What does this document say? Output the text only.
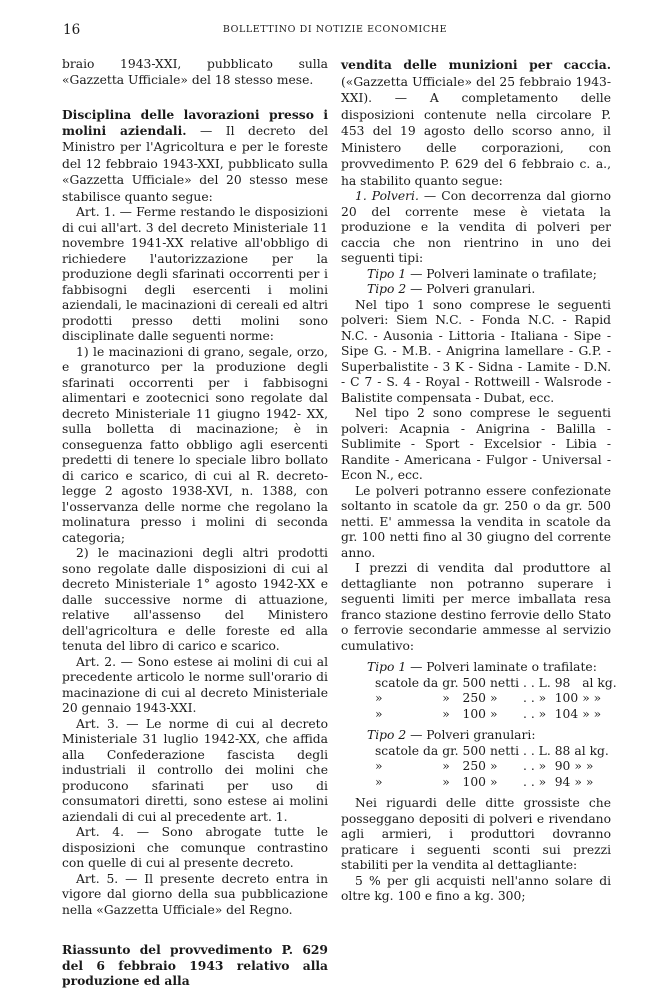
16	BOLLETTINO DI NOTIZIE ECONOMICHE

braio 1943-XXI, pubblicato sulla «Gazzetta Ufficiale» del 18 stesso mese.

Disciplina delle lavorazioni presso i molini aziendali. — Il decreto del Ministro per l'Agricoltura e per le foreste del 12 febbraio 1943-XXI, pubblicato sulla «Gazzetta Ufficiale» del 20 stesso mese stabilisce quanto segue:

Art. 1. — Ferme restando le disposizioni di cui all'art. 3 del decreto Ministeriale 11 novembre 1941-XX relative all'obbligo di richiedere l'autorizzazione per la produzione degli sfarinati occorrenti per i fabbisogni degli esercenti i molini aziendali, le macinazioni di cereali ed altri prodotti presso detti molini sono disciplinate dalle seguenti norme:

1) le macinazioni di grano, segale, orzo, e granoturco per la produzione degli sfarinati occorrenti per i fabbisogni alimentari e zootecnici sono regolate dal decreto Ministeriale 11 giugno 1942- XX, sulla bolletta di macinazione; è in conseguenza fatto obbligo agli esercenti predetti di tenere lo speciale libro bollato di carico e scarico, di cui al R. decreto-legge 2 agosto 1938-XVI, n. 1388, con l'osservanza delle norme che regolano la molinatura presso i molini di seconda categoria;

2) le macinazioni degli altri prodotti sono regolate dalle disposizioni di cui al decreto Ministeriale 1° agosto 1942-XX e dalle successive norme di attuazione, relative all'assenso del Ministero dell'agricoltura e delle foreste ed alla tenuta del libro di carico e scarico.

Art. 2. — Sono estese ai molini di cui al precedente articolo le norme sull'orario di macinazione di cui al decreto Ministeriale 20 gennaio 1943-XXI.

Art. 3. — Le norme di cui al decreto Ministeriale 31 luglio 1942-XX, che affida alla Confederazione fascista degli industriali il controllo dei molini che producono sfarinati per uso di consumatori diretti, sono estese ai molini aziendali di cui al precedente art. 1.

Art. 4. — Sono abrogate tutte le disposizioni che comunque contrastino con quelle di cui al presente decreto.

Art. 5. — Il presente decreto entra in vigore dal giorno della sua pubblicazione nella «Gazzetta Ufficiale» del Regno.

Riassunto del provvedimento P. 629 del 6 febbraio 1943 relativo alla produzione ed alla

vendita delle munizioni per caccia. («Gazzetta Ufficiale» del 25 febbraio 1943-XXI). — A completamento delle disposizioni contenute nella circolare P. 453 del 19 agosto dello scorso anno, il Ministero delle corporazioni, con provvedimento P. 629 del 6 febbraio c. a., ha stabilito quanto segue:

1. Polveri. — Con decorrenza dal giorno 20 del corrente mese è vietata la produzione e la vendita di polveri per caccia che non rientrino in uno dei seguenti tipi:

Tipo 1 — Polveri laminate o trafilate;

Tipo 2 — Polveri granulari.

Nel tipo 1 sono comprese le seguenti polveri: Siem N.C. - Fonda N.C. - Rapid N.C. - Ausonia - Littoria - Italiana - Sipe - Sipe G. - M.B. - Anigrina lamellare - G.P. - Superbalistite - 3 K - Sidna - Lamite - D.N. - C 7 - S. 4 - Royal - Rottweill - Walsrode - Balistite compensata - Dubat, ecc.

Nel tipo 2 sono comprese le seguenti polveri: Acapnia - Anigrina - Balilla - Sublimite - Sport - Excelsior - Libia - Randite - Americana - Fulgor - Universal - Econ N., ecc.

Le polveri potranno essere confezionate soltanto in scatole da gr. 250 o da gr. 500 netti. E' ammessa la vendita in scatole da gr. 100 netti fino al 30 giugno del corrente anno.

I prezzi di vendita dal produttore al dettagliante non potranno superare i seguenti limiti per merce imballata resa franco stazione destino ferrovie dello Stato o ferrovie secondarie ammesse al servizio cumulativo:

Tipo 1 — Polveri laminate o trafilate:

scatole da	gr.	500	netti	. . L.	98	al kg.
»	»	250	»	. . »	100	» »
»	»	100	»	. . »	104	» »

Tipo 2 — Polveri granulari:

scatole da	gr.	500	netti	. . L.	88	al kg.
»	»	250	»	. . »	90	» »
»	»	100	»	. . »	94	» »

Nei riguardi delle ditte grossiste che posseggano depositi di polveri e rivendano agli armieri, i produttori dovranno praticare i seguenti sconti sui prezzi stabiliti per la vendita al dettagliante:

5 % per gli acquisti nell'anno solare di oltre kg. 100 e fino a kg. 300;
